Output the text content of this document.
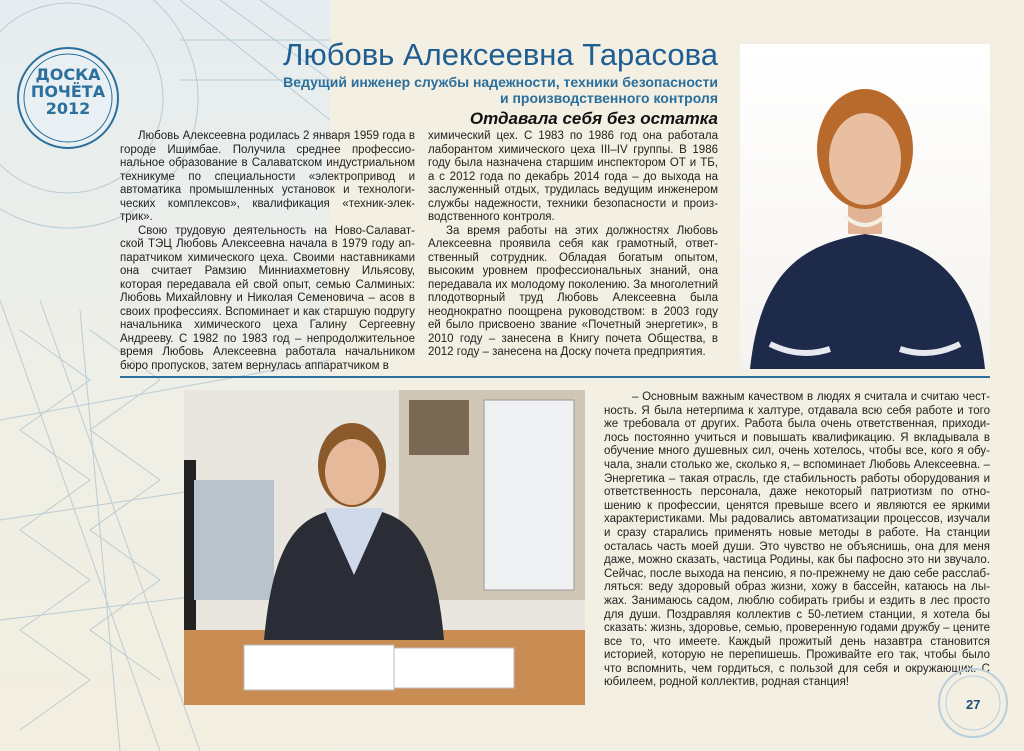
ДОСКА
ПОЧЁТА
2012
Любовь Алексеевна Тарасова
Ведущий инженер службы надежности, техники безопасности
и производственного контроля
Отдавала себя без остатка

Любовь Алексеевна родилась 2 января 1959 года в городе Ишимбае. Получила среднее профессиональное образование в Салаватском индустриальном техникуме по специальности «электропривод и автоматика промышленных установок и технологических комплексов», квалификация «техник-электрик».

Свою трудовую деятельность на Ново-Салаватской ТЭЦ Любовь Алексеевна начала в 1979 году аппаратчиком химического цеха. Своими наставниками она считает Рамзию Минниахметовну Ильясову, которая передавала ей свой опыт, семью Салминых: Любовь Михайловну и Николая Семеновича – асов в своих профессиях. Вспоминает и как старшую подругу начальника химического цеха Галину Сергеевну Андрееву. С 1982 по 1983 год – непродолжительное время Любовь Алексеевна работала начальником бюро пропусков, затем вернулась аппаратчиком в

химический цех. С 1983 по 1986 год она работала лаборантом химического цеха III–IV группы. В 1986 году была назначена старшим инспектором ОТ и ТБ, а с 2012 года по декабрь 2014 года – до выхода на заслуженный отдых, трудилась ведущим инженером службы надежности, техники безопасности и производственного контроля.

За время работы на этих должностях Любовь Алексеевна проявила себя как грамотный, ответственный сотрудник. Обладая богатым опытом, высоким уровнем профессиональных знаний, она передавала их молодому поколению. За многолетний плодотворный труд Любовь Алексеевна была неоднократно поощрена руководством: в 2003 году ей было присвоено звание «Почетный энергетик», в 2010 году – занесена в Книгу почета Общества, в 2012 году – занесена на Доску почета предприятия.

– Основным важным качеством в людях я считала и считаю честность. Я была нетерпима к халтуре, отдавала всю себя работе и того же требовала от других. Работа была очень ответственная, приходилось постоянно учиться и повышать квалификацию. Я вкладывала в обучение много душевных сил, очень хотелось, чтобы все, кого я обучала, знали столько же, сколько я, – вспоминает Любовь Алексеевна. – Энергетика – такая отрасль, где стабильность работы оборудования и ответственность персонала, даже некоторый патриотизм по отношению к профессии, ценятся превыше всего и являются ее яркими характеристиками. Мы радовались автоматизации процессов, изучали и сразу старались применять новые методы в работе. На станции осталась часть моей души. Это чувство не объяснишь, она для меня даже, можно сказать, частица Родины, как бы пафосно это ни звучало. Сейчас, после выхода на пенсию, я по-прежнему не даю себе расслабляться: веду здоровый образ жизни, хожу в бассейн, катаюсь на лыжах. Занимаюсь садом, люблю собирать грибы и ездить в лес просто для души. Поздравляя коллектив с 50-летием станции, я хотела бы сказать: жизнь, здоровье, семью, проверенную годами дружбу – цените все то, что имеете. Каждый прожитый день назавтра становится историей, которую не перепишешь. Проживайте его так, чтобы было что вспомнить, чем гордиться, с пользой для себя и окружающих. С юбилеем, родной коллектив, родная станция!

27
